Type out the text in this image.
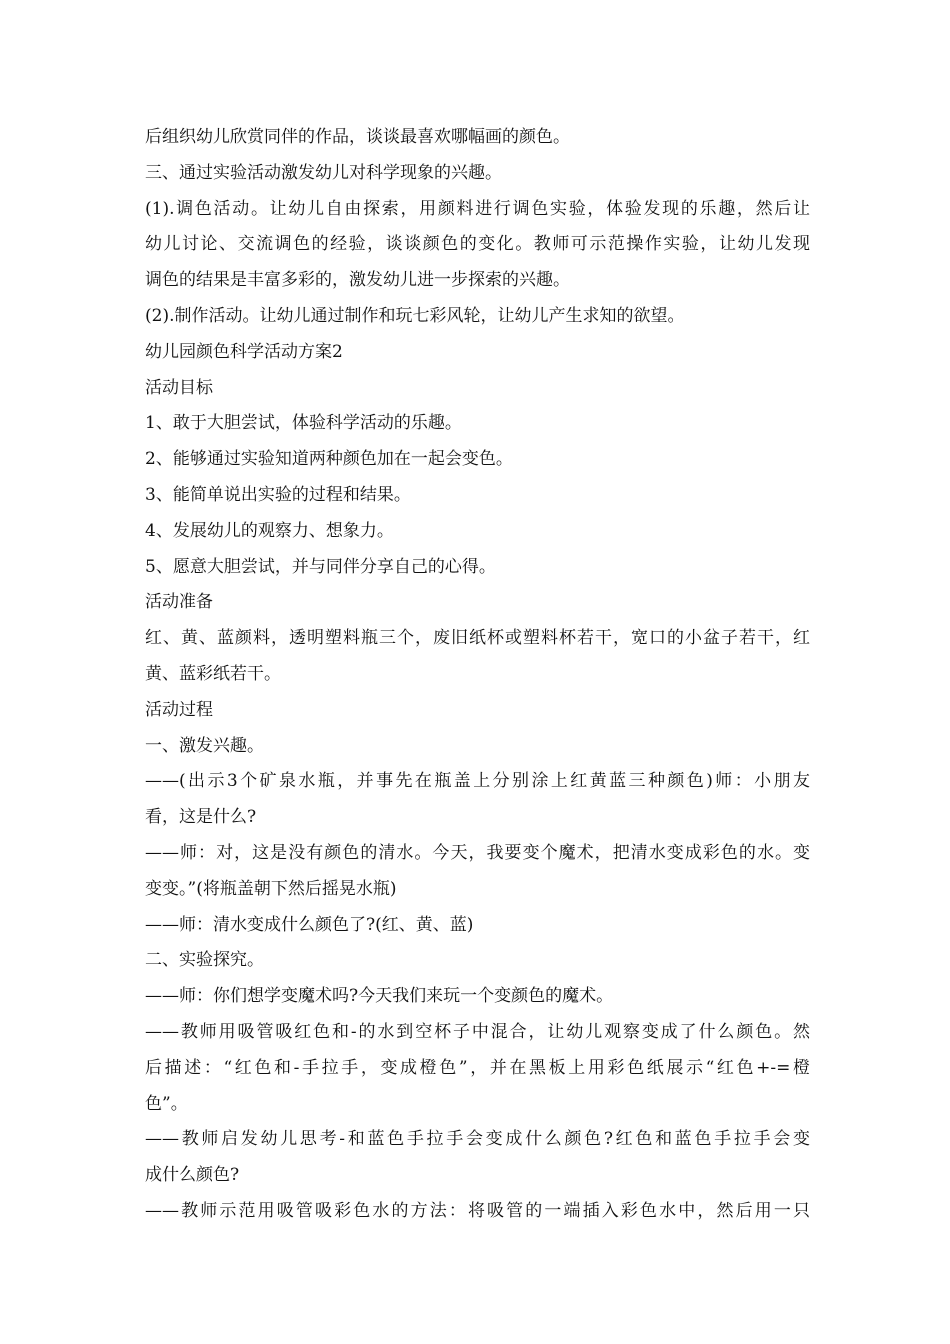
后组织幼儿欣赏同伴的作品，谈谈最喜欢哪幅画的颜色。
三、通过实验活动激发幼儿对科学现象的兴趣。
(1).调色活动。让幼儿自由探索，用颜料进行调色实验，体验发现的乐趣，然后让
幼儿讨论、交流调色的经验，谈谈颜色的变化。教师可示范操作实验，让幼儿发现
调色的结果是丰富多彩的，激发幼儿进一步探索的兴趣。
(2).制作活动。让幼儿通过制作和玩七彩风轮，让幼儿产生求知的欲望。
幼儿园颜色科学活动方案2
活动目标
1、敢于大胆尝试，体验科学活动的乐趣。
2、能够通过实验知道两种颜色加在一起会变色。
3、能简单说出实验的过程和结果。
4、发展幼儿的观察力、想象力。
5、愿意大胆尝试，并与同伴分享自己的心得。
活动准备
红、黄、蓝颜料，透明塑料瓶三个，废旧纸杯或塑料杯若干，宽口的小盆子若干，红
黄、蓝彩纸若干。
活动过程
一、激发兴趣。
——(出示3个矿泉水瓶，并事先在瓶盖上分别涂上红黄蓝三种颜色)师：小朋友
看，这是什么?
——师：对，这是没有颜色的清水。今天，我要变个魔术，把清水变成彩色的水。变
变变。”(将瓶盖朝下然后摇晃水瓶)
——师：清水变成什么颜色了?(红、黄、蓝)
二、实验探究。
——师：你们想学变魔术吗?今天我们来玩一个变颜色的魔术。
——教师用吸管吸红色和-的水到空杯子中混合，让幼儿观察变成了什么颜色。然
后描述：“红色和-手拉手，变成橙色”，并在黑板上用彩色纸展示“红色+-=橙
色”。
——教师启发幼儿思考-和蓝色手拉手会变成什么颜色?红色和蓝色手拉手会变
成什么颜色?
——教师示范用吸管吸彩色水的方法：将吸管的一端插入彩色水中，然后用一只
